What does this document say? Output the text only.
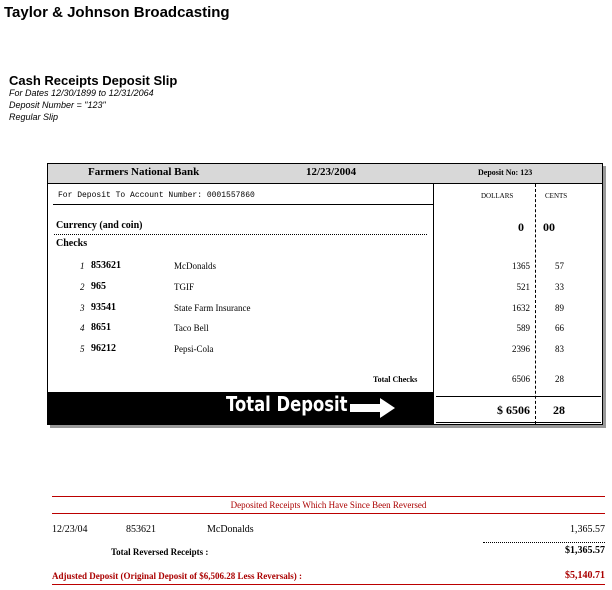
Taylor & Johnson Broadcasting
Cash Receipts Deposit Slip
For Dates 12/30/1899 to 12/31/2064
Deposit Number = "123"
Regular Slip
Farmers National Bank	12/23/2004	Deposit No: 123
For Deposit To Account Number: 0001557860	DOLLARS	CENTS
Currency (and coin)	0 00
Checks
1 853621	McDonalds	1365	57
2 965	TGIF	521	33
3 93541	State Farm Insurance	1632	89
4 8651	Taco Bell	589	66
5 96212	Pepsi-Cola	2396	83
Total Checks	6506	28
Total Deposit	$ 6506 28
Deposited Receipts Which Have Since Been Reversed
12/23/04	853621	McDonalds	1,365.57
Total Reversed Receipts :	$1,365.57
Adjusted Deposit (Original Deposit of $6,506.28 Less Reversals) :	$5,140.71
